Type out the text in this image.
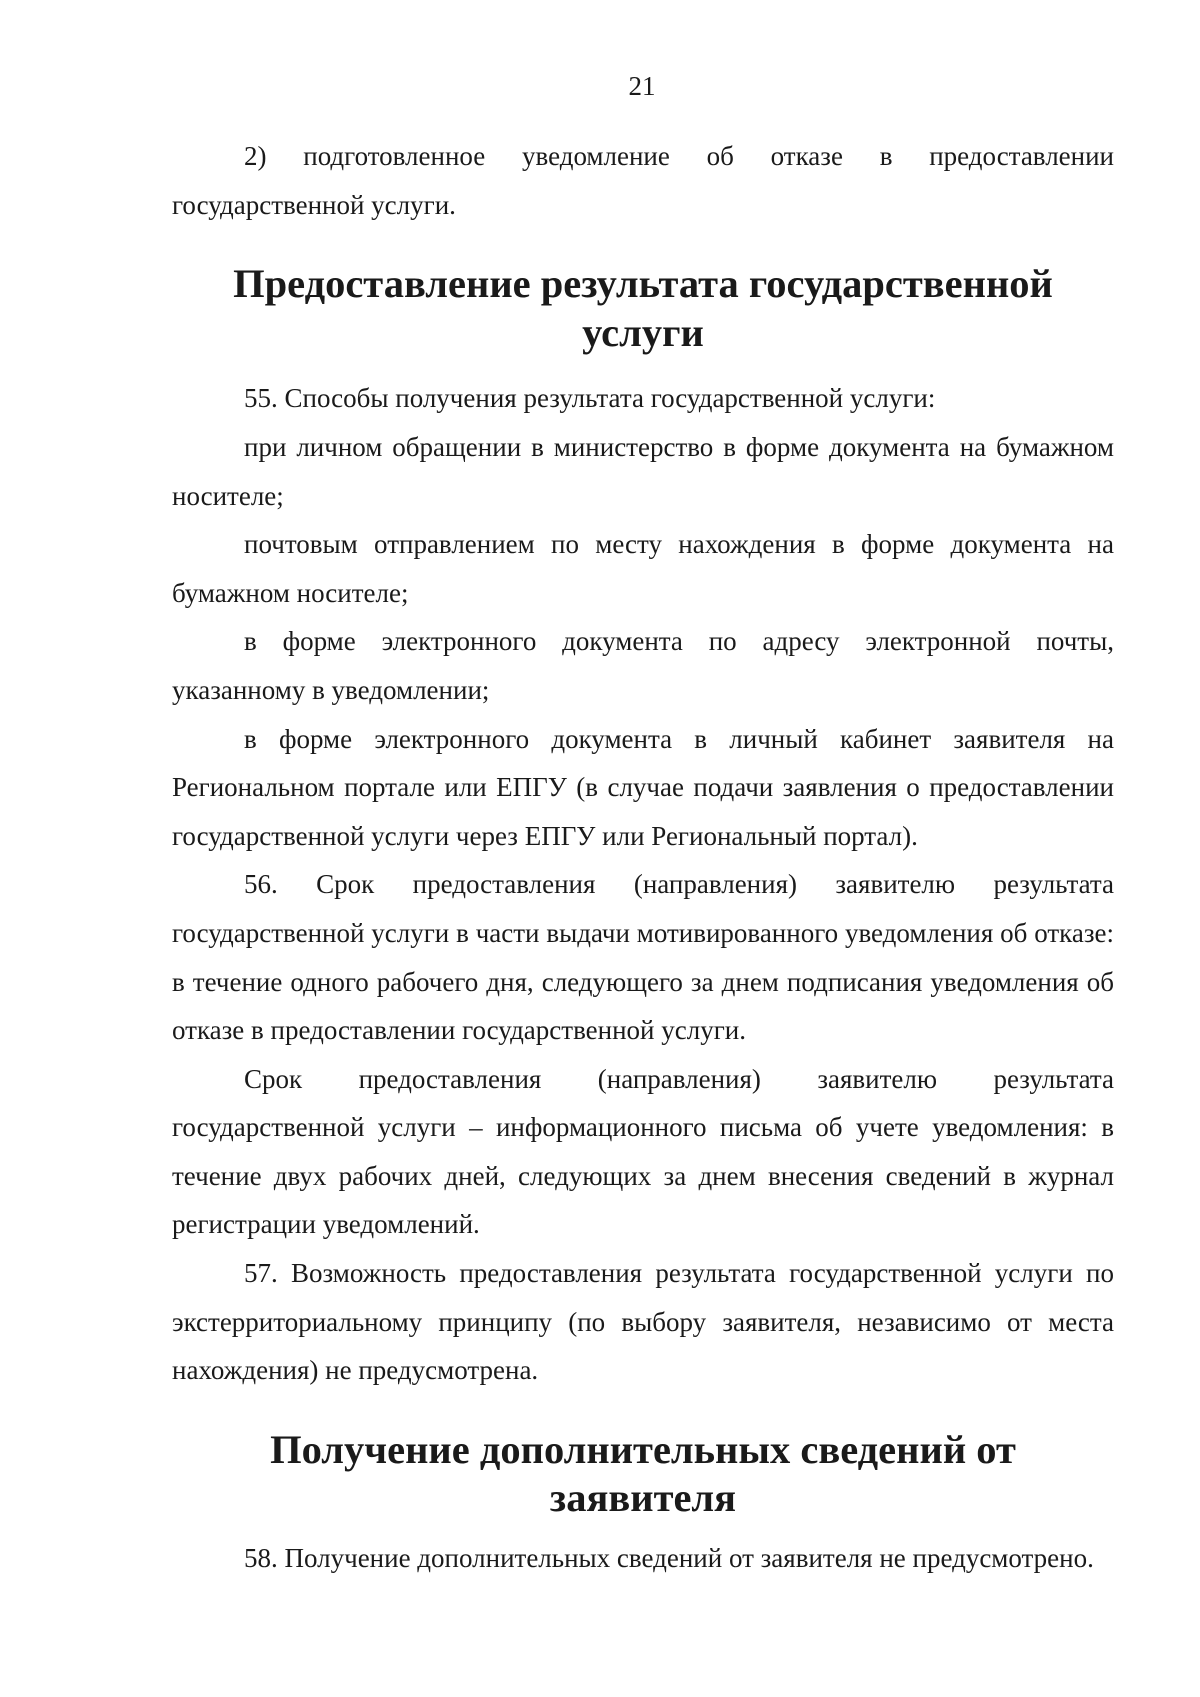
21

2) подготовленное уведомление об отказе в предоставлении государственной услуги.

Предоставление результата государственной услуги

55. Способы получения результата государственной услуги:

при личном обращении в министерство в форме документа на бумажном носителе;

почтовым отправлением по месту нахождения в форме документа на бумажном носителе;

в форме электронного документа по адресу электронной почты, указанному в уведомлении;

в форме электронного документа в личный кабинет заявителя на Региональном портале или ЕПГУ (в случае подачи заявления о предоставлении государственной услуги через ЕПГУ или Региональный портал).

56. Срок предоставления (направления) заявителю результата государственной услуги в части выдачи мотивированного уведомления об отказе: в течение одного рабочего дня, следующего за днем подписания уведомления об отказе в предоставлении государственной услуги.

Срок предоставления (направления) заявителю результата государственной услуги – информационного письма об учете уведомления: в течение двух рабочих дней, следующих за днем внесения сведений в журнал регистрации уведомлений.

57. Возможность предоставления результата государственной услуги по экстерриториальному принципу (по выбору заявителя, независимо от места нахождения) не предусмотрена.

Получение дополнительных сведений от заявителя

58. Получение дополнительных сведений от заявителя не предусмотрено.
